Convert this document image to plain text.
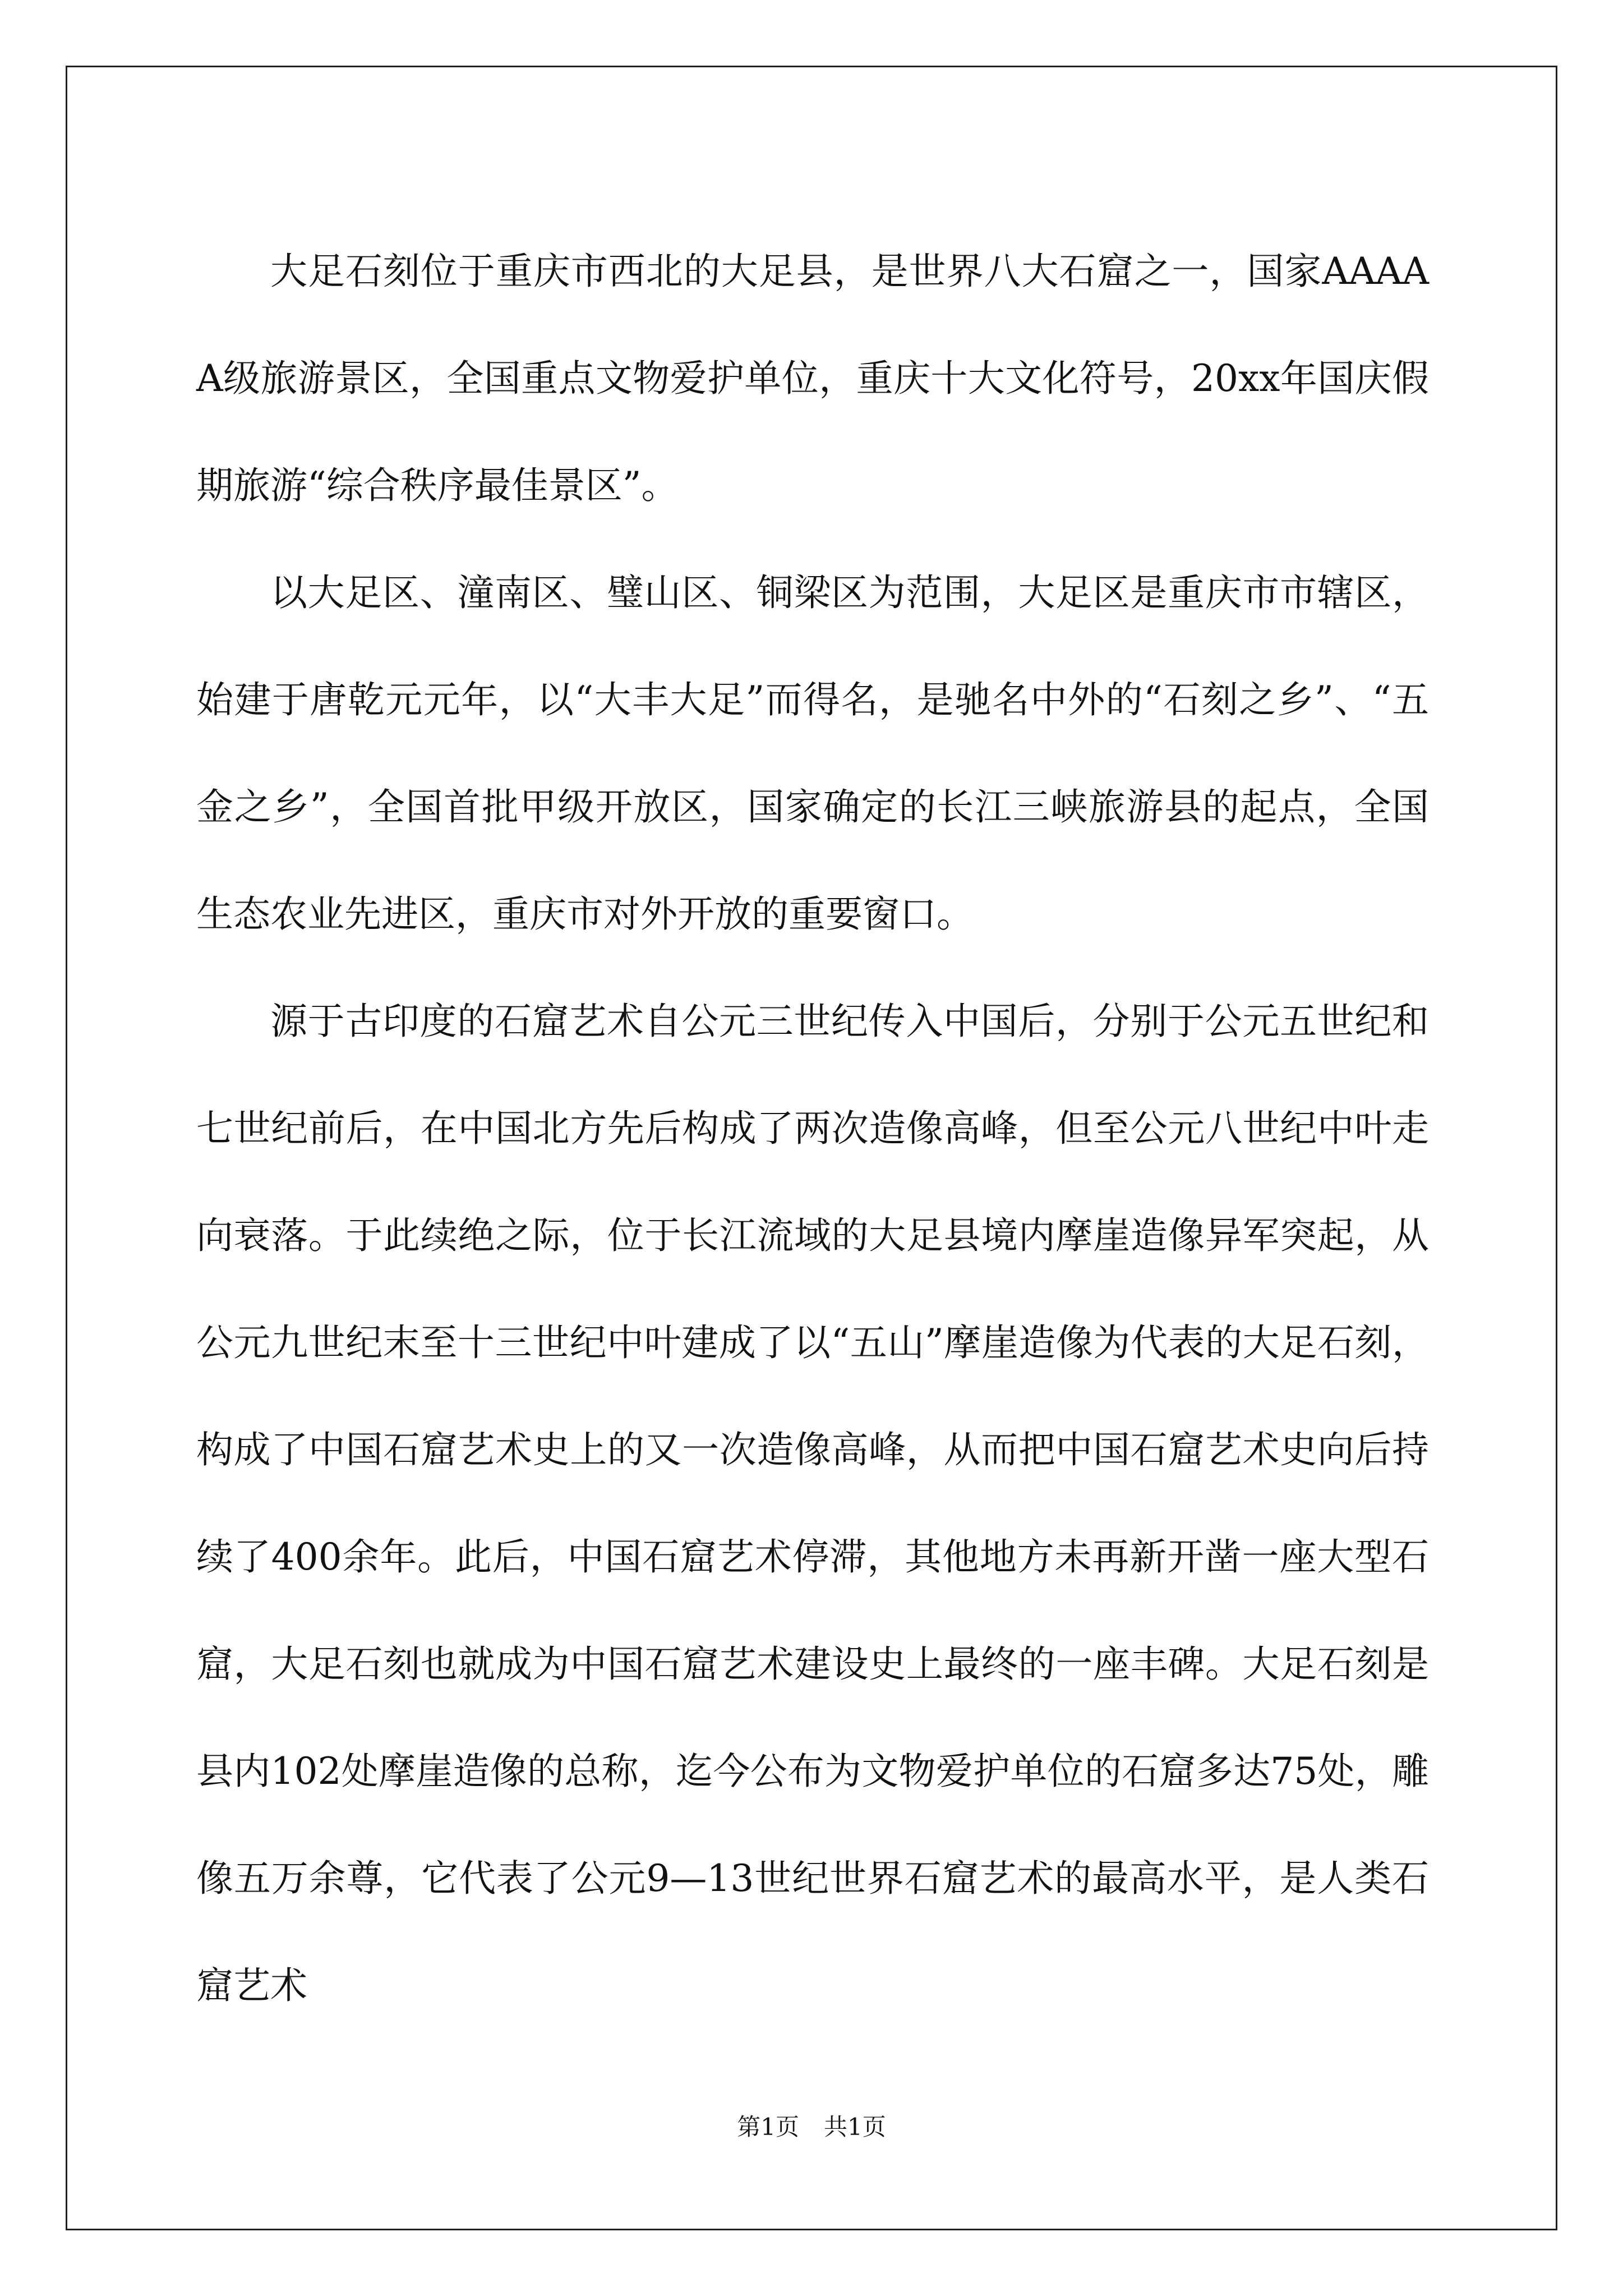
大足石刻位于重庆市西北的大足县，是世界八大石窟之一，国家AAAAA级旅游景区，全国重点文物爱护单位，重庆十大文化符号，20xx年国庆假期旅游“综合秩序最佳景区”。

以大足区、潼南区、璧山区、铜梁区为范围，大足区是重庆市市辖区，始建于唐乾元元年，以“大丰大足”而得名，是驰名中外的“石刻之乡”、“五金之乡”，全国首批甲级开放区，国家确定的长江三峡旅游县的起点，全国生态农业先进区，重庆市对外开放的重要窗口。

源于古印度的石窟艺术自公元三世纪传入中国后，分别于公元五世纪和七世纪前后，在中国北方先后构成了两次造像高峰，但至公元八世纪中叶走向衰落。于此续绝之际，位于长江流域的大足县境内摩崖造像异军突起，从公元九世纪末至十三世纪中叶建成了以“五山”摩崖造像为代表的大足石刻，构成了中国石窟艺术史上的又一次造像高峰，从而把中国石窟艺术史向后持续了400余年。此后，中国石窟艺术停滞，其他地方未再新开凿一座大型石窟，大足石刻也就成为中国石窟艺术建设史上最终的一座丰碑。大足石刻是县内102处摩崖造像的总称，迄今公布为文物爱护单位的石窟多达75处，雕像五万余尊，它代表了公元9—13世纪世界石窟艺术的最高水平，是人类石窟艺术

第1页 共1页
